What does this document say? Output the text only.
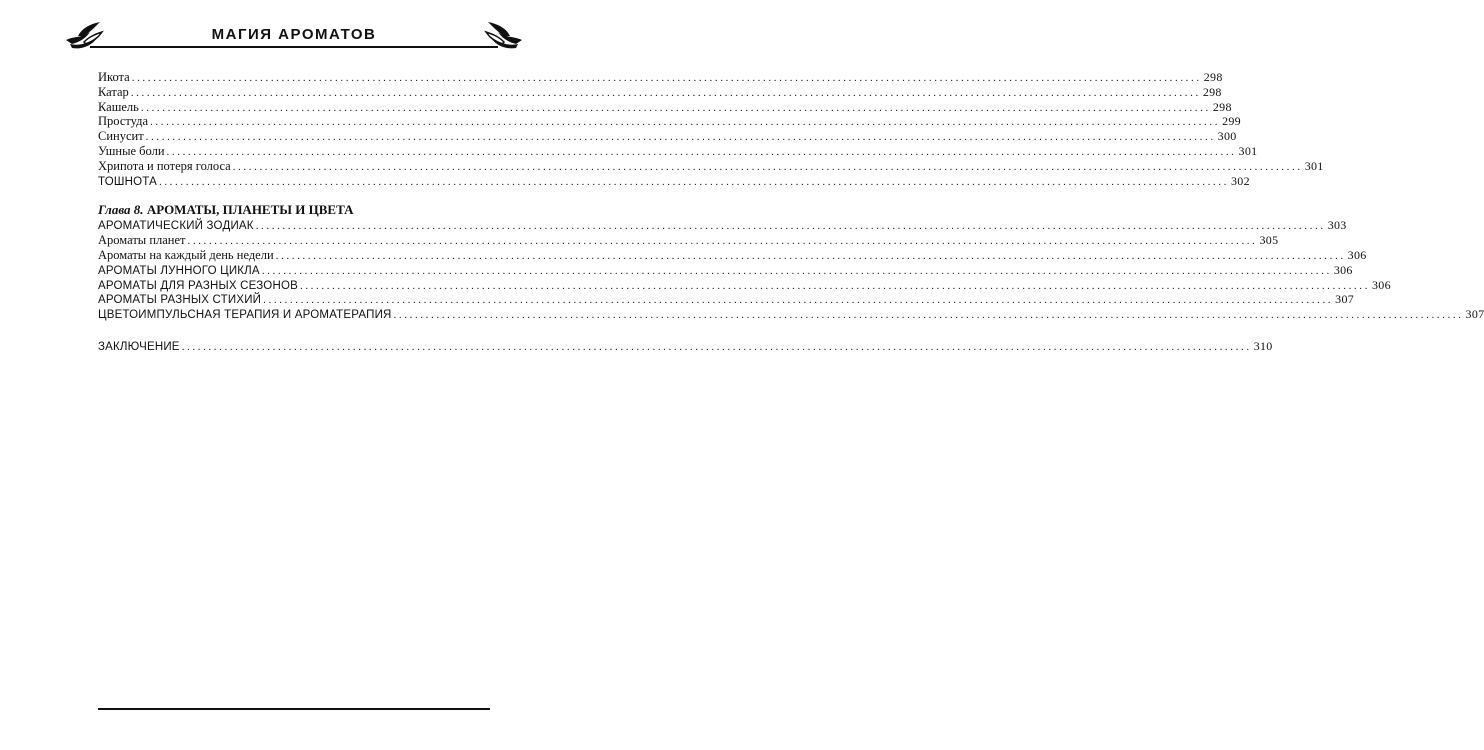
МАГИЯ АРОМАТОВ
Икота ........................................................................................................................................................................................................ 298
Катар ........................................................................................................................................................................................................ 298
Кашель ........................................................................................................................................................................................................ 298
Простуда ........................................................................................................................................................................................................ 299
Синусит ........................................................................................................................................................................................................ 300
Ушные боли ........................................................................................................................................................................................................ 301
Хрипота и потеря голоса ........................................................................................................................................................................................................ 301
ТОШНОТА ........................................................................................................................................................................................................ 302
Глава 8. АРОМАТЫ, ПЛАНЕТЫ И ЦВЕТА
АРОМАТИЧЕСКИЙ ЗОДИАК ........................................................................................................................................................................................................ 303
Ароматы планет ........................................................................................................................................................................................................ 305
Ароматы на каждый день недели ........................................................................................................................................................................................................ 306
АРОМАТЫ ЛУННОГО ЦИКЛА ........................................................................................................................................................................................................ 306
АРОМАТЫ ДЛЯ РАЗНЫХ СЕЗОНОВ ........................................................................................................................................................................................................ 306
АРОМАТЫ РАЗНЫХ СТИХИЙ ........................................................................................................................................................................................................ 307
ЦВЕТОИМПУЛЬСНАЯ ТЕРАПИЯ И АРОМАТЕРАПИЯ ........................................................................................................................................................................................................ 307
ЗАКЛЮЧЕНИЕ ........................................................................................................................................................................................................ 310
